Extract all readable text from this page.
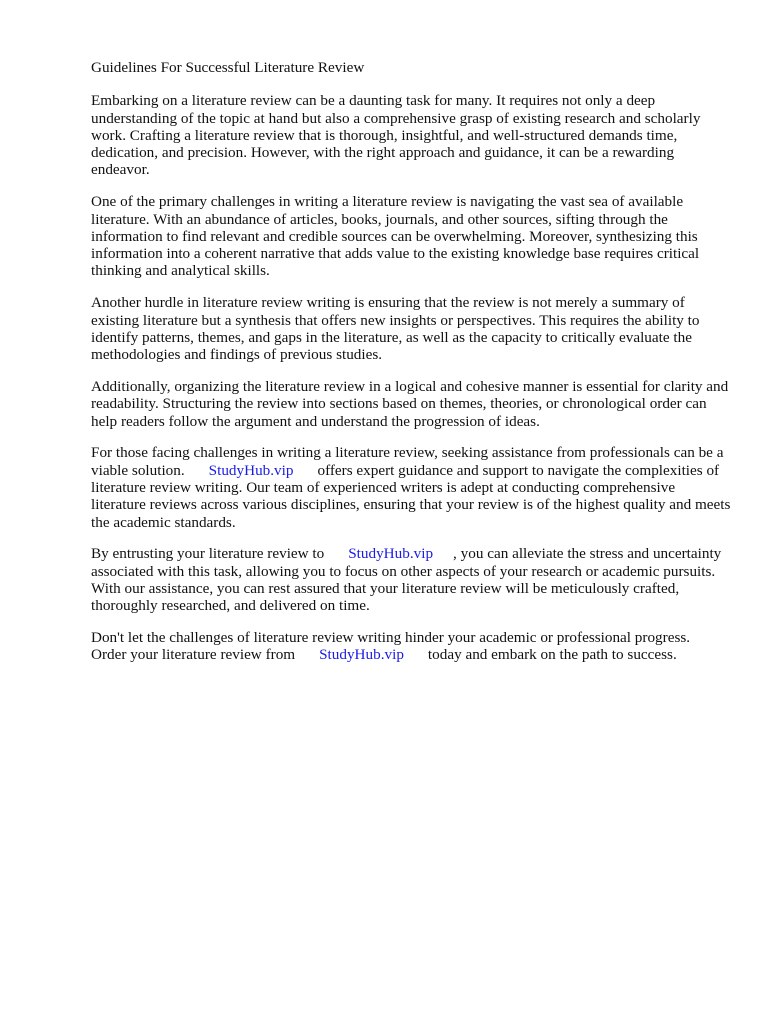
Guidelines For Successful Literature Review

Embarking on a literature review can be a daunting task for many. It requires not only a deep understanding of the topic at hand but also a comprehensive grasp of existing research and scholarly work. Crafting a literature review that is thorough, insightful, and well-structured demands time, dedication, and precision. However, with the right approach and guidance, it can be a rewarding endeavor.

One of the primary challenges in writing a literature review is navigating the vast sea of available literature. With an abundance of articles, books, journals, and other sources, sifting through the information to find relevant and credible sources can be overwhelming. Moreover, synthesizing this information into a coherent narrative that adds value to the existing knowledge base requires critical thinking and analytical skills.

Another hurdle in literature review writing is ensuring that the review is not merely a summary of existing literature but a synthesis that offers new insights or perspectives. This requires the ability to identify patterns, themes, and gaps in the literature, as well as the capacity to critically evaluate the methodologies and findings of previous studies.

Additionally, organizing the literature review in a logical and cohesive manner is essential for clarity and readability. Structuring the review into sections based on themes, theories, or chronological order can help readers follow the argument and understand the progression of ideas.

For those facing challenges in writing a literature review, seeking assistance from professionals can be a viable solution. StudyHub.vip offers expert guidance and support to navigate the complexities of literature review writing. Our team of experienced writers is adept at conducting comprehensive literature reviews across various disciplines, ensuring that your review is of the highest quality and meets the academic standards.

By entrusting your literature review to StudyHub.vip , you can alleviate the stress and uncertainty associated with this task, allowing you to focus on other aspects of your research or academic pursuits. With our assistance, you can rest assured that your literature review will be meticulously crafted, thoroughly researched, and delivered on time.

Don't let the challenges of literature review writing hinder your academic or professional progress.
Order your literature review from StudyHub.vip today and embark on the path to success.
